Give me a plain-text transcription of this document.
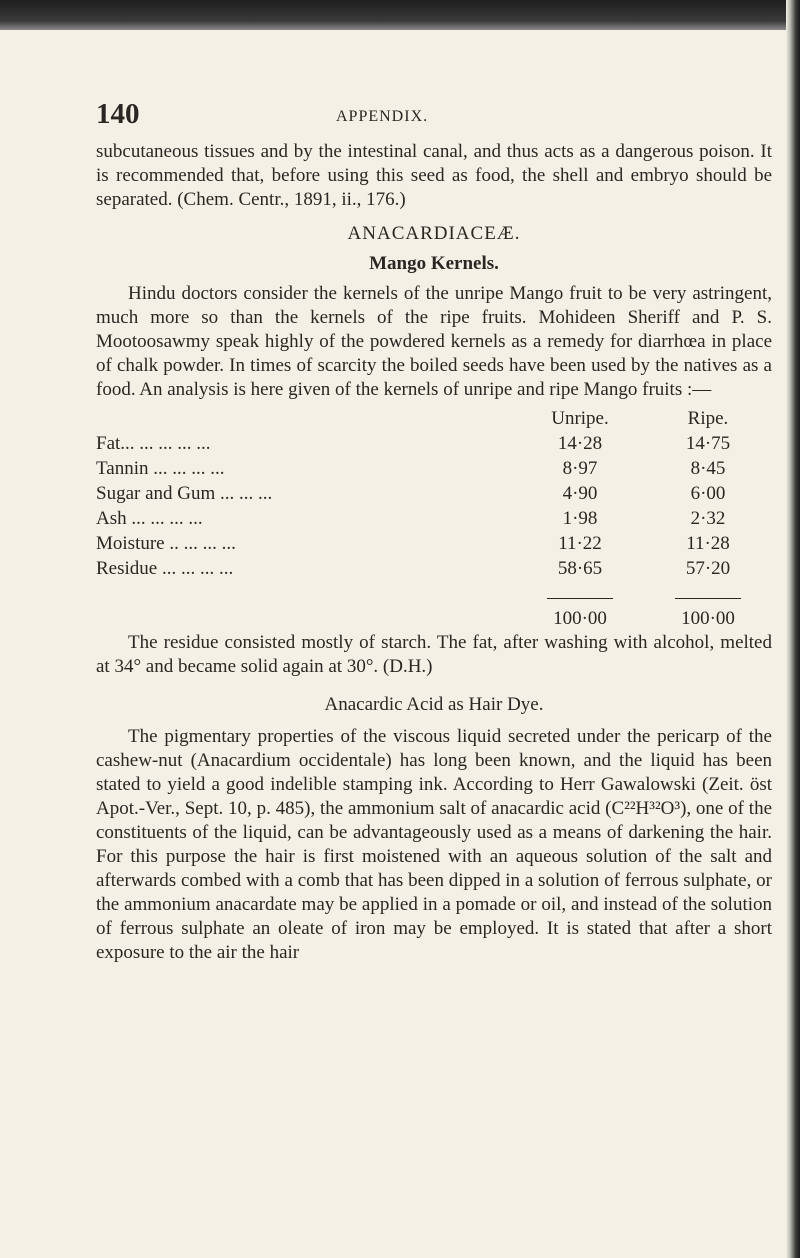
140	APPENDIX.

subcutaneous tissues and by the intestinal canal, and thus acts as a dangerous poison. It is recommended that, before using this seed as food, the shell and embryo should be separated. (Chem. Centr., 1891, ii., 176.)

ANACARDIACEÆ.
Mango Kernels.

Hindu doctors consider the kernels of the unripe Mango fruit to be very astringent, much more so than the kernels of the ripe fruits. Mohideen Sheriff and P. S. Mootoosawmy speak highly of the powdered kernels as a remedy for diarrhœa in place of chalk powder. In times of scarcity the boiled seeds have been used by the natives as a food. An analysis is here given of the kernels of unripe and ripe Mango fruits :—

	Unripe.	Ripe.
Fat... ... ... ... ...	14·28	14·75
Tannin ... ... ... ...	8·97	8·45
Sugar and Gum ... ... ...	4·90	6·00
Ash ... ... ... ...	1·98	2·32
Moisture .. ... ... ...	11·22	11·28
Residue ... ... ... ...	58·65	57·20

	100·00	100·00

The residue consisted mostly of starch. The fat, after washing with alcohol, melted at 34° and became solid again at 30°. (D.H.)

Anacardic Acid as Hair Dye.

The pigmentary properties of the viscous liquid secreted under the pericarp of the cashew-nut (Anacardium occidentale) has long been known, and the liquid has been stated to yield a good indelible stamping ink. According to Herr Gawalowski (Zeit. öst Apot.-Ver., Sept. 10, p. 485), the ammonium salt of anacardic acid (C²²H³²O³), one of the constituents of the liquid, can be advantageously used as a means of darkening the hair. For this purpose the hair is first moistened with an aqueous solution of the salt and afterwards combed with a comb that has been dipped in a solution of ferrous sulphate, or the ammonium anacardate may be applied in a pomade or oil, and instead of the solution of ferrous sulphate an oleate of iron may be employed. It is stated that after a short exposure to the air the hair
